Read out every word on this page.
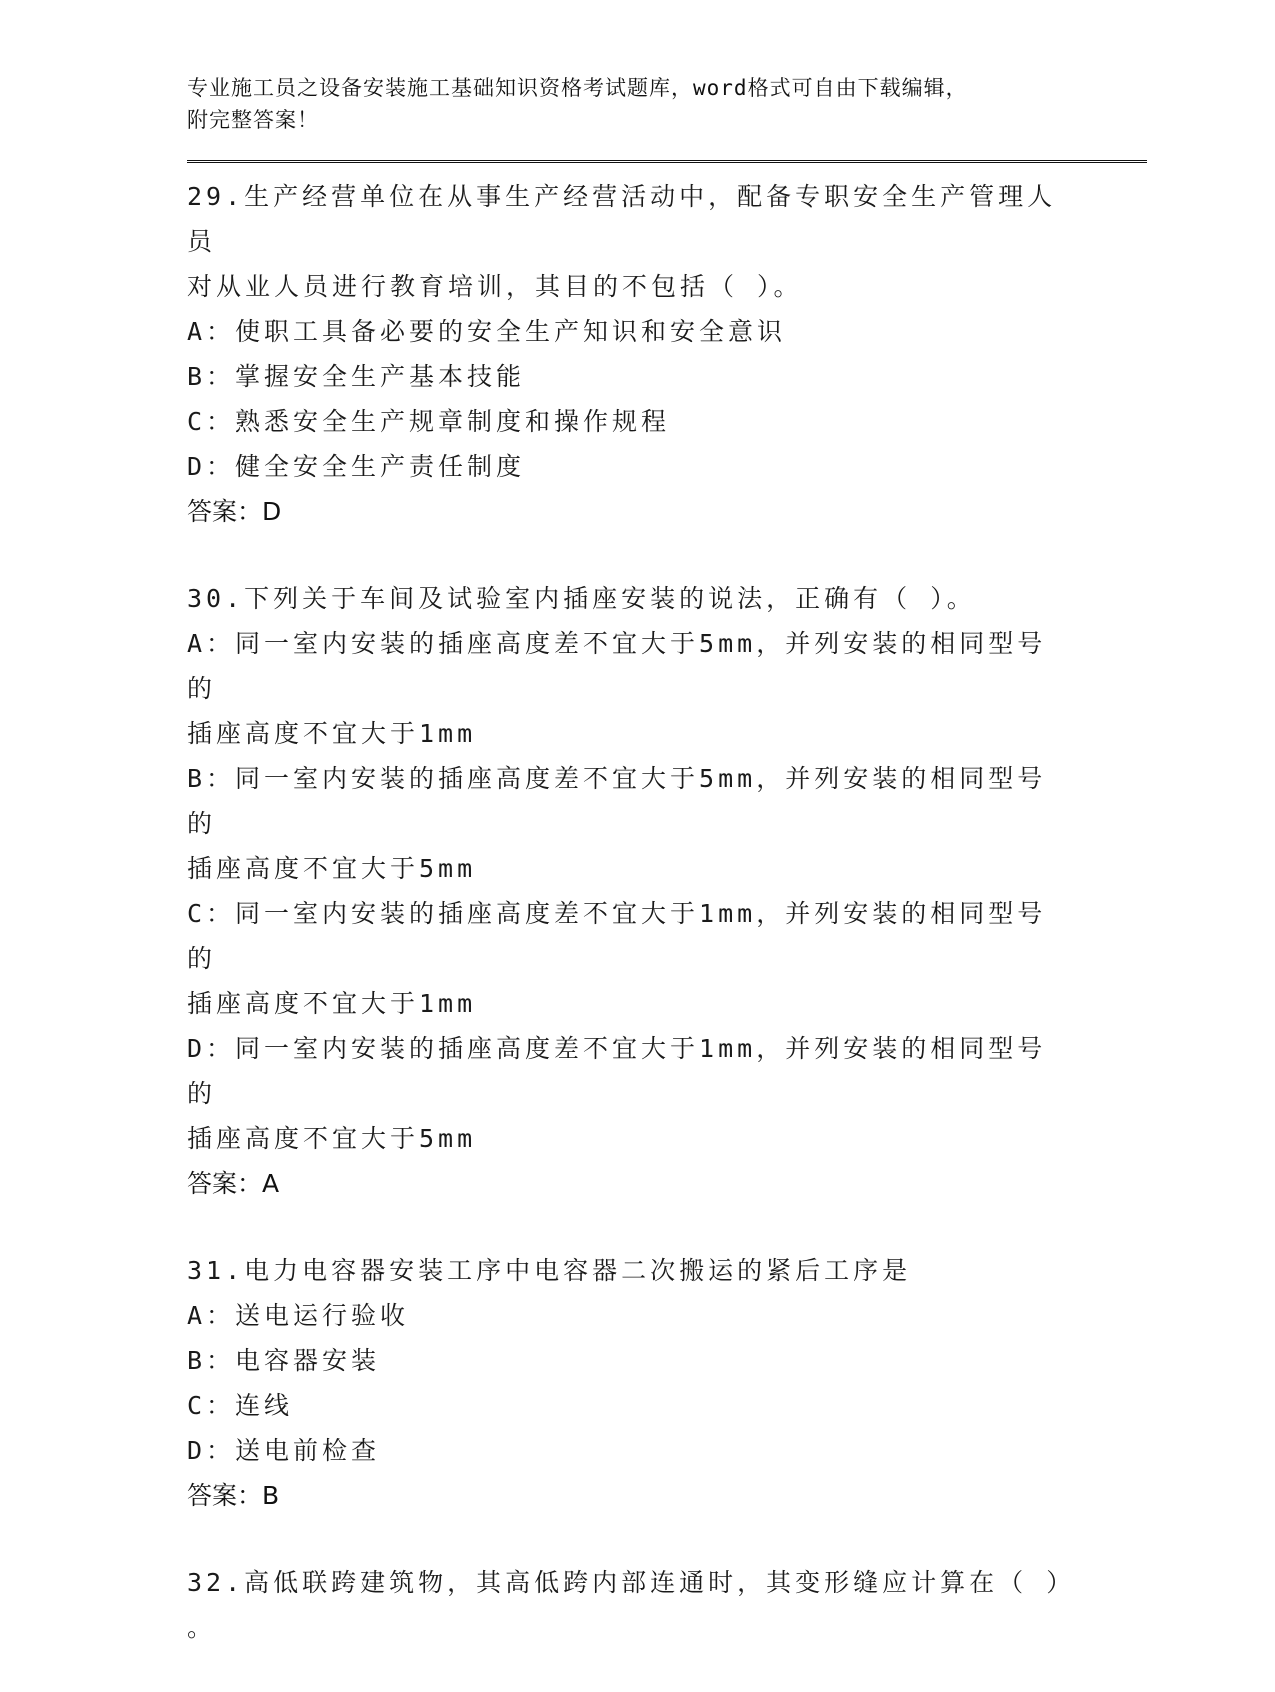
专业施工员之设备安装施工基础知识资格考试题库，word格式可自由下载编辑，
附完整答案！
29.生产经营单位在从事生产经营活动中，配备专职安全生产管理人员
对从业人员进行教育培训，其目的不包括（ ）。
A：使职工具备必要的安全生产知识和安全意识
B：掌握安全生产基本技能
C：熟悉安全生产规章制度和操作规程
D：健全安全生产责任制度
答案：D
30.下列关于车间及试验室内插座安装的说法，正确有（ ）。
A：同一室内安装的插座高度差不宜大于5mm，并列安装的相同型号的
插座高度不宜大于1mm
B：同一室内安装的插座高度差不宜大于5mm，并列安装的相同型号的
插座高度不宜大于5mm
C：同一室内安装的插座高度差不宜大于1mm，并列安装的相同型号的
插座高度不宜大于1mm
D：同一室内安装的插座高度差不宜大于1mm，并列安装的相同型号的
插座高度不宜大于5mm
答案：A
31.电力电容器安装工序中电容器二次搬运的紧后工序是
A：送电运行验收
B：电容器安装
C：连线
D：送电前检查
答案：B
32.高低联跨建筑物，其高低跨内部连通时，其变形缝应计算在（ ）
。
